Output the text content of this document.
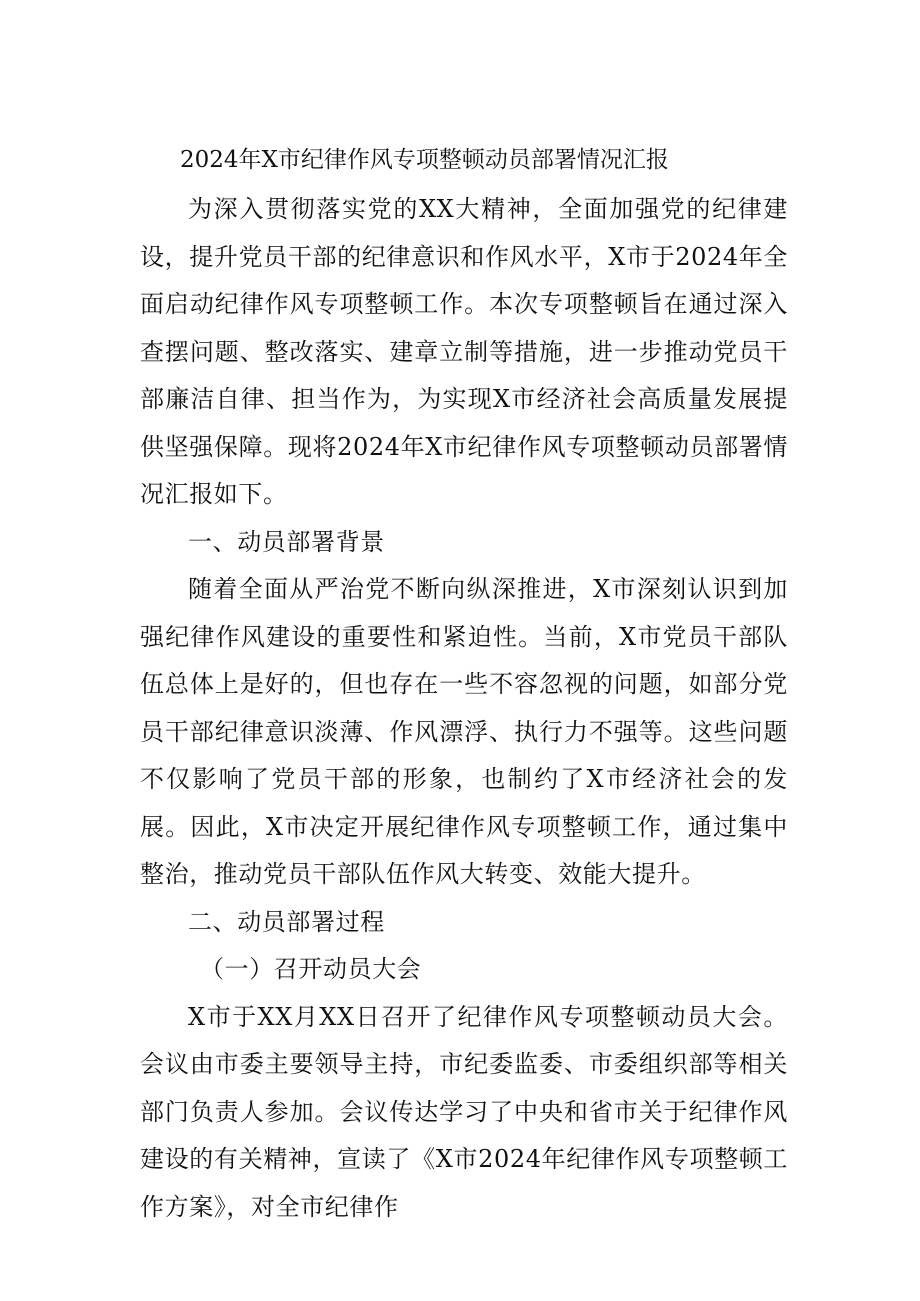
2024年X市纪律作风专项整顿动员部署情况汇报

为深入贯彻落实党的XX大精神，全面加强党的纪律建设，提升党员干部的纪律意识和作风水平，X市于2024年全面启动纪律作风专项整顿工作。本次专项整顿旨在通过深入查摆问题、整改落实、建章立制等措施，进一步推动党员干部廉洁自律、担当作为，为实现X市经济社会高质量发展提供坚强保障。现将2024年X市纪律作风专项整顿动员部署情况汇报如下。

一、动员部署背景

随着全面从严治党不断向纵深推进，X市深刻认识到加强纪律作风建设的重要性和紧迫性。当前，X市党员干部队伍总体上是好的，但也存在一些不容忽视的问题，如部分党员干部纪律意识淡薄、作风漂浮、执行力不强等。这些问题不仅影响了党员干部的形象，也制约了X市经济社会的发展。因此，X市决定开展纪律作风专项整顿工作，通过集中整治，推动党员干部队伍作风大转变、效能大提升。

二、动员部署过程

（一）召开动员大会

X市于XX月XX日召开了纪律作风专项整顿动员大会。会议由市委主要领导主持，市纪委监委、市委组织部等相关部门负责人参加。会议传达学习了中央和省市关于纪律作风建设的有关精神，宣读了《X市2024年纪律作风专项整顿工作方案》，对全市纪律作
